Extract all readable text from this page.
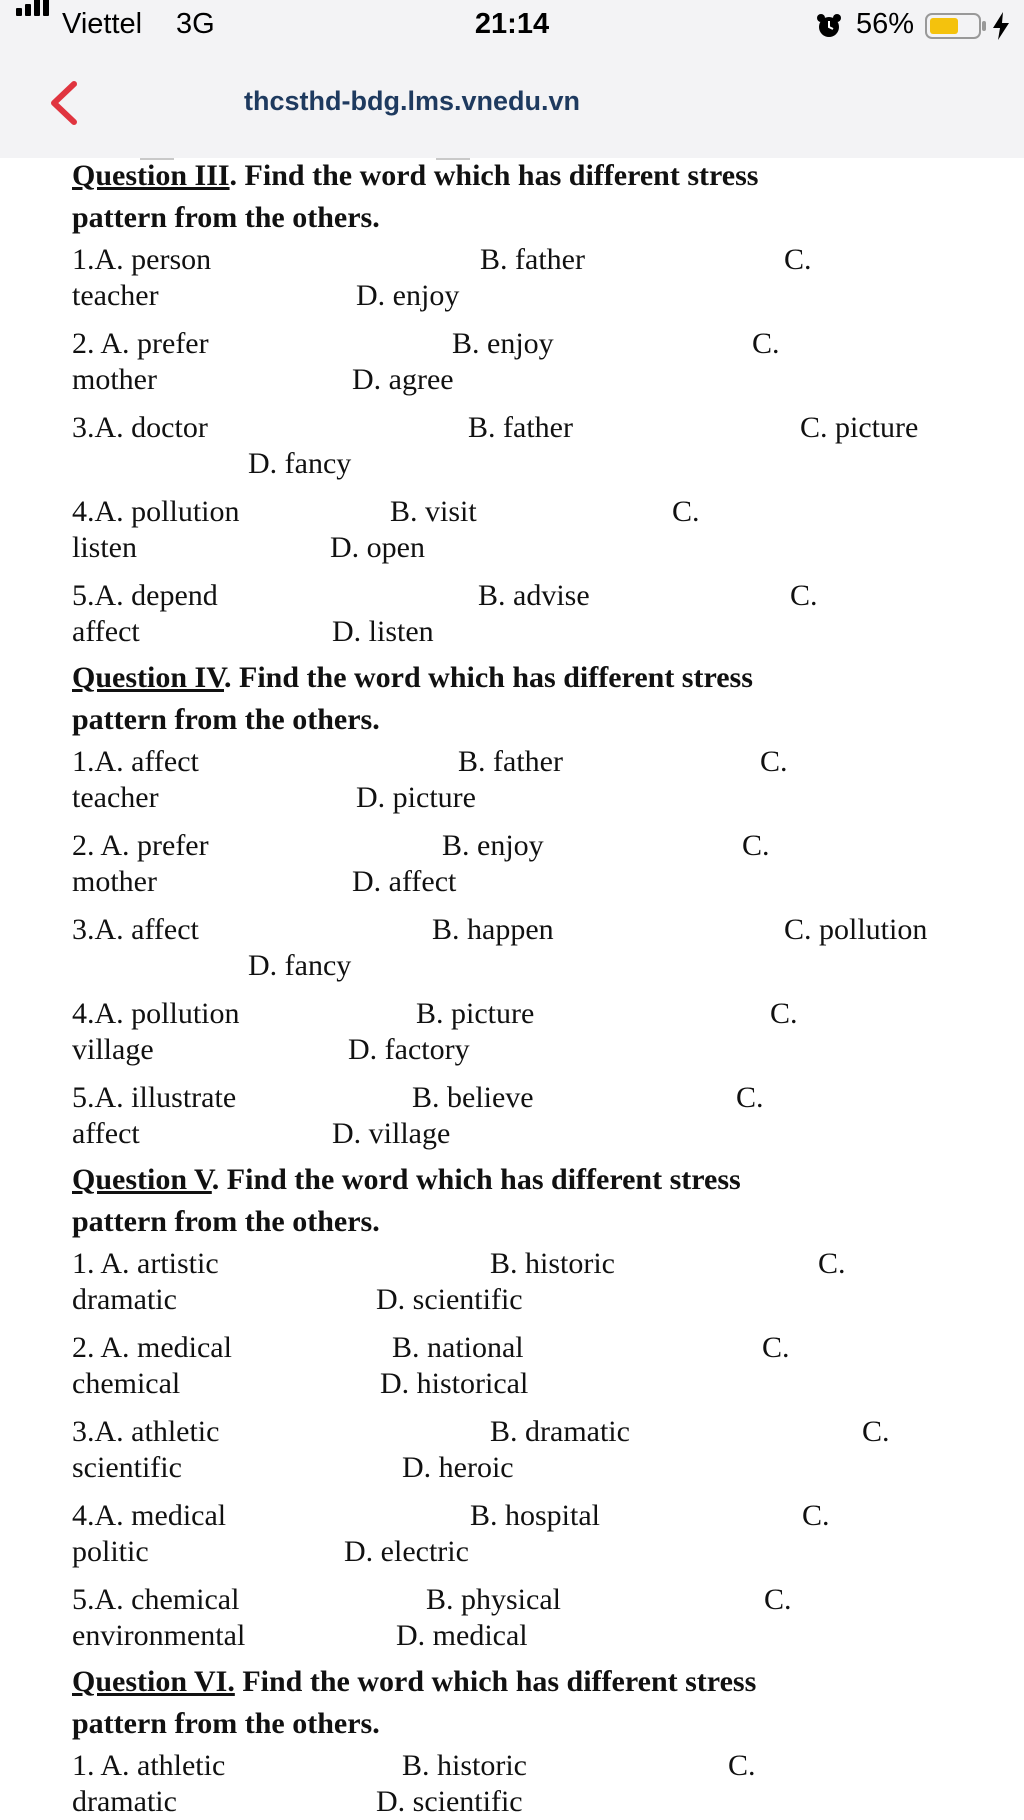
Viettel 3G	21:14	56%
thcsthd-bdg.lms.vnedu.vn
Question III. Find the word which has different stress
pattern from the others.
1.A. person	B. father	C.
teacher	D. enjoy
2. A. prefer	B. enjoy	C.
mother	D. agree
3.A. doctor	B. father	C. picture
D. fancy
4.A. pollution	B. visit	C.
listen	D. open
5.A. depend	B. advise	C.
affect	D. listen
Question IV. Find the word which has different stress
pattern from the others.
1.A. affect	B. father	C.
teacher	D. picture
2. A. prefer	B. enjoy	C.
mother	D. affect
3.A. affect	B. happen	C. pollution
D. fancy
4.A. pollution	B. picture	C.
village	D. factory
5.A. illustrate	B. believe	C.
affect	D. village
Question V. Find the word which has different stress
pattern from the others.
1. A. artistic	B. historic	C.
dramatic	D. scientific
2. A. medical	B. national	C.
chemical	D. historical
3.A. athletic	B. dramatic	C.
scientific	D. heroic
4.A. medical	B. hospital	C.
politic	D. electric
5.A. chemical	B. physical	C.
environmental	D. medical
Question VI. Find the word which has different stress
pattern from the others.
1. A. athletic	B. historic	C.
dramatic	D. scientific
